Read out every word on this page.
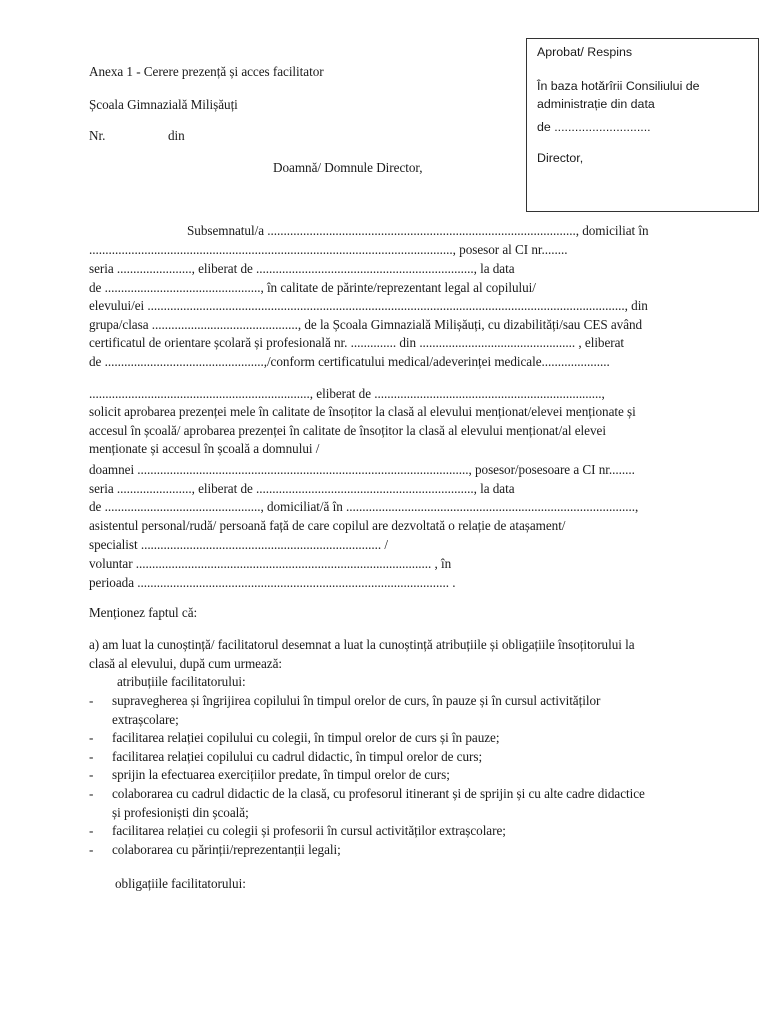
Aprobat/ Respins
În baza hotărîrii Consiliului de
administrație din data
de ............................
Director,
Anexa 1 - Cerere prezență și acces facilitator
Școala Gimnazială Milișăuți
Nr.	din
Doamnă/ Domnule Director,
Subsemnatul/a ..............................................................................................., domiciliat în
................................................................................................................, posesor al CI nr........
seria ......................., eliberat de ..................................................................., la data
de ................................................, în calitate de părinte/reprezentant legal al copilului/
elevului/ei ..................................................................................................................................................., din
grupa/clasa ............................................., de la Școala Gimnazială Milișăuți, cu dizabilități/sau CES având
certificatul de orientare școlară și profesională nr. .............. din ................................................ , eliberat
de .................................................,/conform certificatului medical/adeverinței medicale.....................
...................................................................., eliberat de ......................................................................,
solicit aprobarea prezenței mele în calitate de însoțitor la clasă al elevului menționat/elevei menționate și
accesul în școală/ aprobarea prezenței în calitate de însoțitor la clasă al elevului menționat/al elevei
menționate și accesul în școală a domnului /
doamnei ......................................................................................................, posesor/posesoare a CI nr........
seria ......................., eliberat de ..................................................................., la data
de ................................................, domiciliat/ă în .........................................................................................,
asistentul personal/rudă/ persoană față de care copilul are dezvoltată o relație de atașament/
specialist .......................................................................... /
voluntar ........................................................................................... , în
perioada ................................................................................................ .
Menționez faptul că:
a) am luat la cunoștință/ facilitatorul desemnat a luat la cunoștință atribuțiile și obligațiile însoțitorului la
clasă al elevului, după cum urmează:
atribuțiile facilitatorului:
- supravegherea și îngrijirea copilului în timpul orelor de curs, în pauze și în cursul activităților
extrașcolare;
- facilitarea relației copilului cu colegii, în timpul orelor de curs și în pauze;
- facilitarea relației copilului cu cadrul didactic, în timpul orelor de curs;
- sprijin la efectuarea exercițiilor predate, în timpul orelor de curs;
- colaborarea cu cadrul didactic de la clasă, cu profesorul itinerant și de sprijin și cu alte cadre didactice
și profesioniști din școală;
- facilitarea relației cu colegii și profesorii în cursul activităților extrașcolare;
- colaborarea cu părinții/reprezentanții legali;
obligațiile facilitatorului:
